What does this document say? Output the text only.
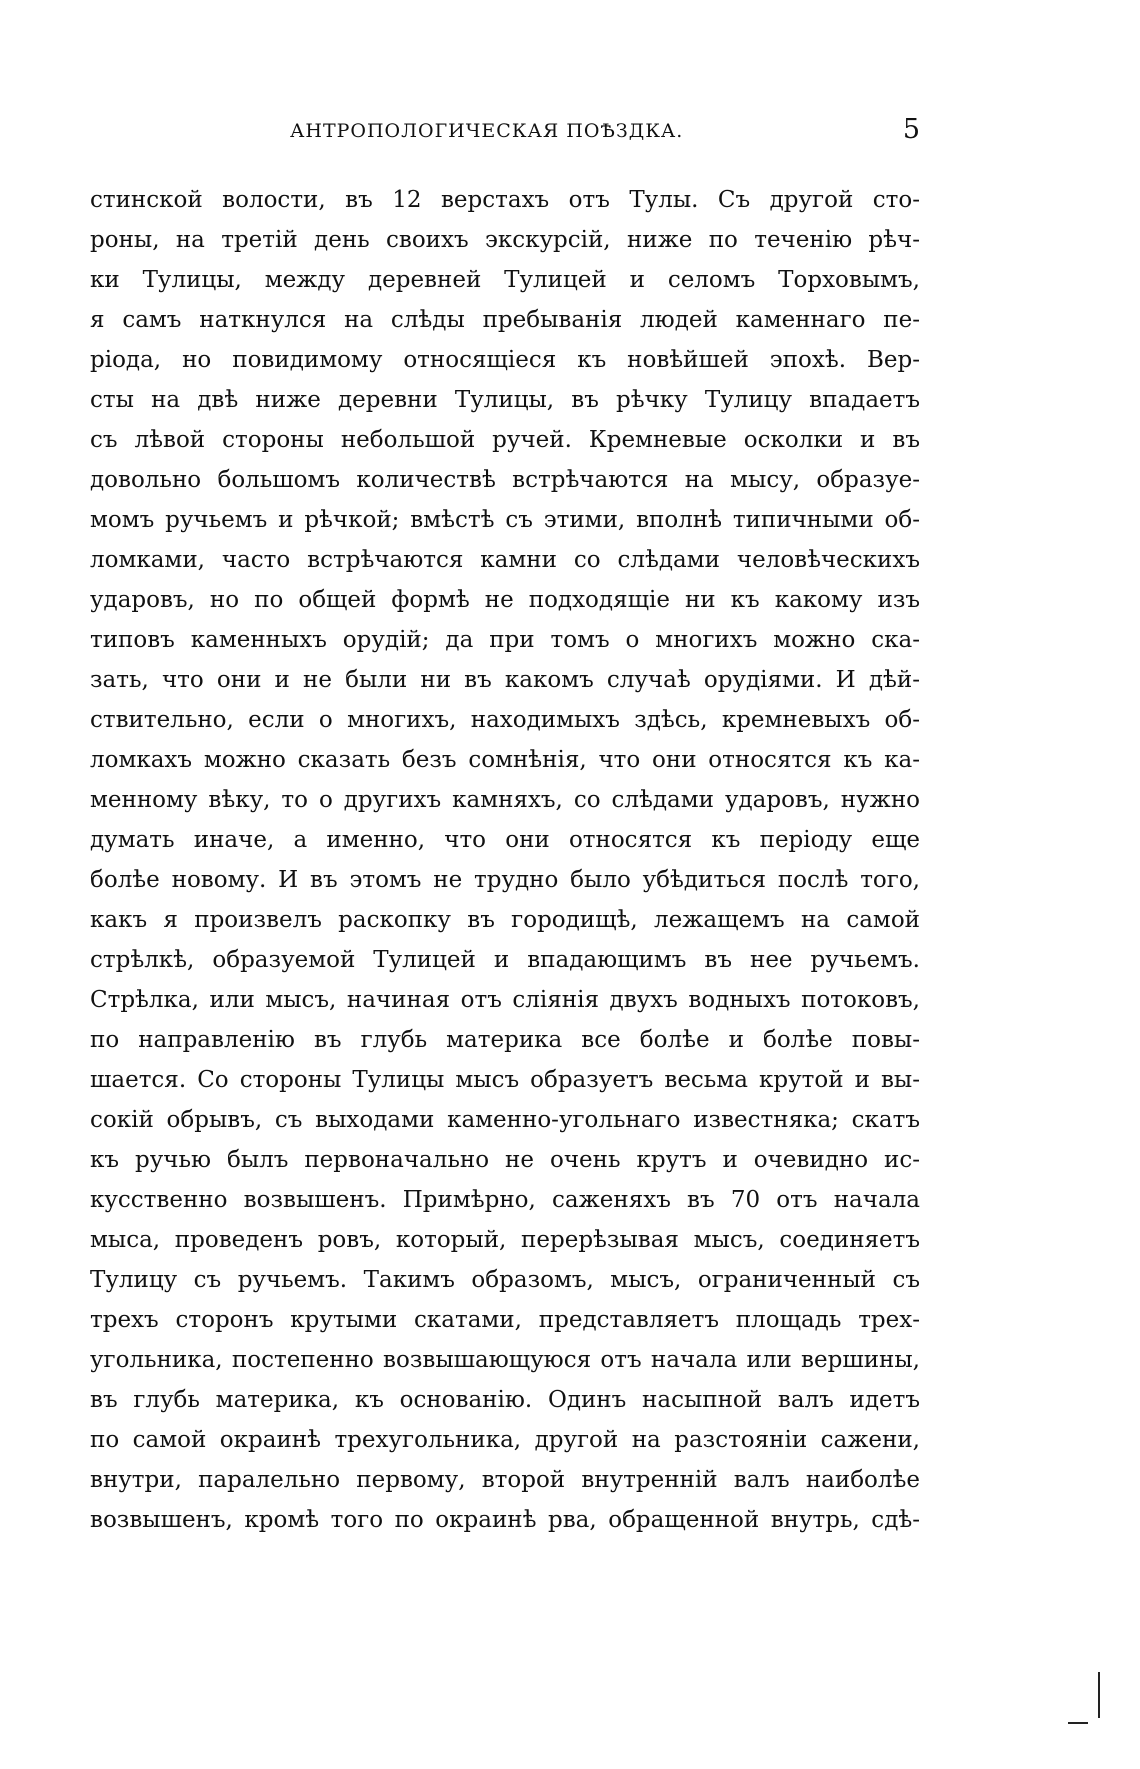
АНТРОПОЛОГИЧЕСКАЯ ПОѢЗДКА.	5
стинской волости, въ 12 верстахъ отъ Тулы. Съ другой сто-
роны, на третій день своихъ экскурсій, ниже по теченію рѣч-
ки Тулицы, между деревней Тулицей и селомъ Торховымъ,
я самъ наткнулся на слѣды пребыванія людей каменнаго пе-
ріода, но повидимому относящіеся къ новѣйшей эпохѣ. Вер-
сты на двѣ ниже деревни Тулицы, въ рѣчку Тулицу впадаетъ
съ лѣвой стороны небольшой ручей. Кремневые осколки и въ
довольно большомъ количествѣ встрѣчаются на мысу, образуе-
момъ ручьемъ и рѣчкой; вмѣстѣ съ этими, вполнѣ типичными об-
ломками, часто встрѣчаются камни со слѣдами человѣческихъ
ударовъ, но по общей формѣ не подходящіе ни къ какому изъ
типовъ каменныхъ орудій; да при томъ о многихъ можно ска-
зать, что они и не были ни въ какомъ случаѣ орудіями. И дѣй-
ствительно, если о многихъ, находимыхъ здѣсь, кремневыхъ об-
ломкахъ можно сказать безъ сомнѣнія, что они относятся къ ка-
менному вѣку, то о другихъ камняхъ, со слѣдами ударовъ, нужно
думать иначе, а именно, что они относятся къ періоду еще
болѣе новому. И въ этомъ не трудно было убѣдиться послѣ того,
какъ я произвелъ раскопку въ городищѣ, лежащемъ на самой
стрѣлкѣ, образуемой Тулицей и впадающимъ въ нее ручьемъ.
Стрѣлка, или мысъ, начиная отъ слiянія двухъ водныхъ потоковъ,
по направленію въ глубь материка все болѣе и болѣе повы-
шается. Со стороны Тулицы мысъ образуетъ весьма крутой и вы-
сокій обрывъ, съ выходами каменно-угольнаго известняка; скатъ
къ ручью былъ первоначально не очень крутъ и очевидно ис-
кусственно возвышенъ. Примѣрно, саженяхъ въ 70 отъ начала
мыса, проведенъ ровъ, который, перерѣзывая мысъ, соединяетъ
Тулицу съ ручьемъ. Такимъ образомъ, мысъ, ограниченный съ
трехъ сторонъ крутыми скатами, представляетъ площадь трех-
угольника, постепенно возвышающуюся отъ начала или вершины,
въ глубь материка, къ основанію. Одинъ насыпной валъ идетъ
по самой окраинѣ трехугольника, другой на разстояніи сажени,
внутри, паралельно первому, второй внутренній валъ наиболѣе
возвышенъ, кромѣ того по окраинѣ рва, обращенной внутрь, сдѣ-
